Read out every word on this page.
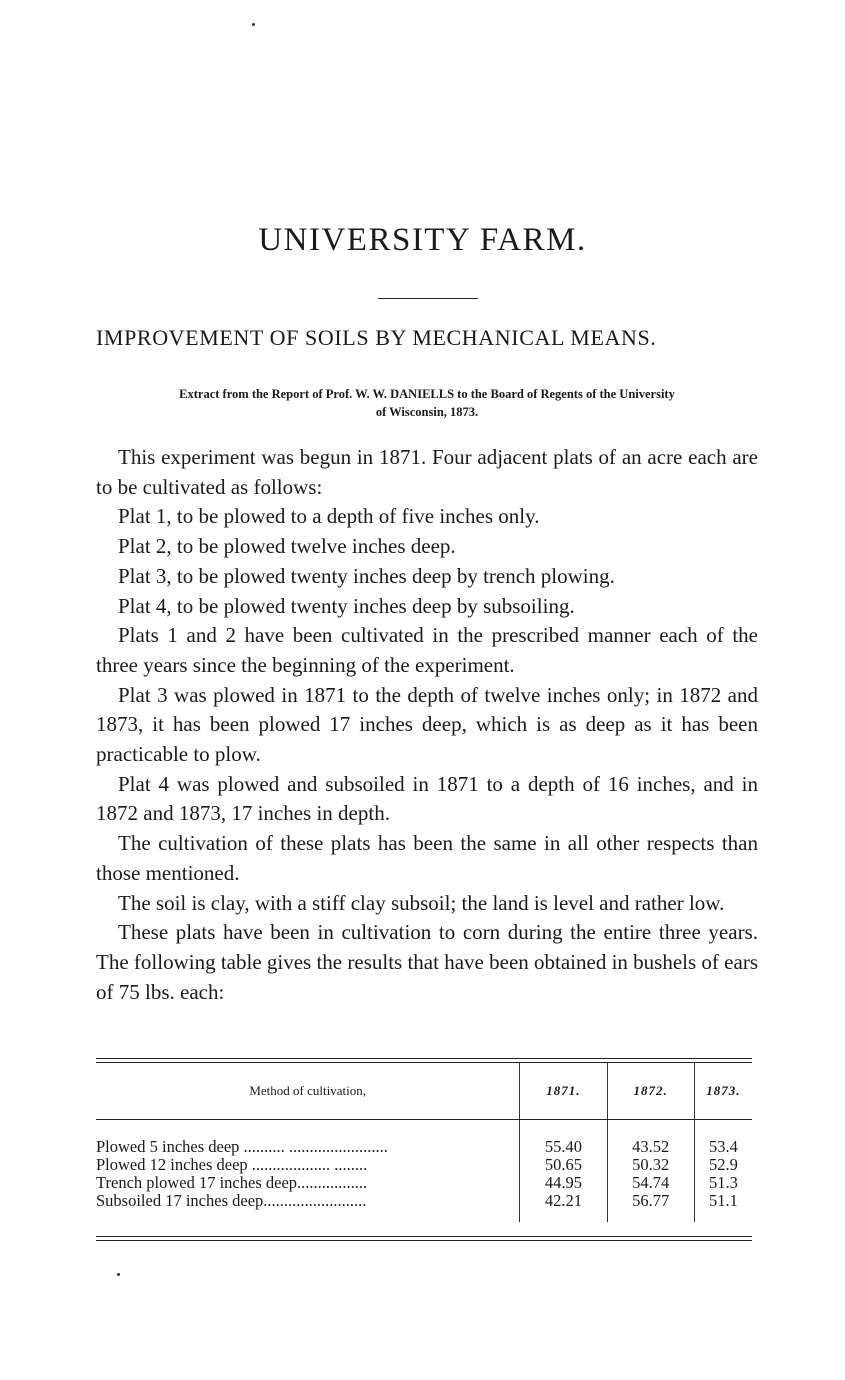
UNIVERSITY FARM.
IMPROVEMENT OF SOILS BY MECHANICAL MEANS.
Extract from the Report of Prof. W. W. DANIELLS to the Board of Regents of the University
of Wisconsin, 1873.

This experiment was begun in 1871. Four adjacent plats of an acre each are to be cultivated as follows:

Plat 1, to be plowed to a depth of five inches only.

Plat 2, to be plowed twelve inches deep.

Plat 3, to be plowed twenty inches deep by trench plowing.

Plat 4, to be plowed twenty inches deep by subsoiling.

Plats 1 and 2 have been cultivated in the prescribed manner each of the three years since the beginning of the experiment.

Plat 3 was plowed in 1871 to the depth of twelve inches only; in 1872 and 1873, it has been plowed 17 inches deep, which is as deep as it has been practicable to plow.

Plat 4 was plowed and subsoiled in 1871 to a depth of 16 inches, and in 1872 and 1873, 17 inches in depth.

The cultivation of these plats has been the same in all other respects than those mentioned.

The soil is clay, with a stiff clay subsoil; the land is level and rather low.

These plats have been in cultivation to corn during the entire three years. The following table gives the results that have been obtained in bushels of ears of 75 lbs. each:

Method of cultivation,	1871.	1872.	1873.
Plowed 5 inches deep .......... ........................	55.40	43.52	53.4
Plowed 12 inches deep ................... ........	50.65	50.32	52.9
Trench plowed 17 inches deep.................	44.95	54.74	51.3
Subsoiled 17 inches deep.........................	42.21	56.77	51.1
